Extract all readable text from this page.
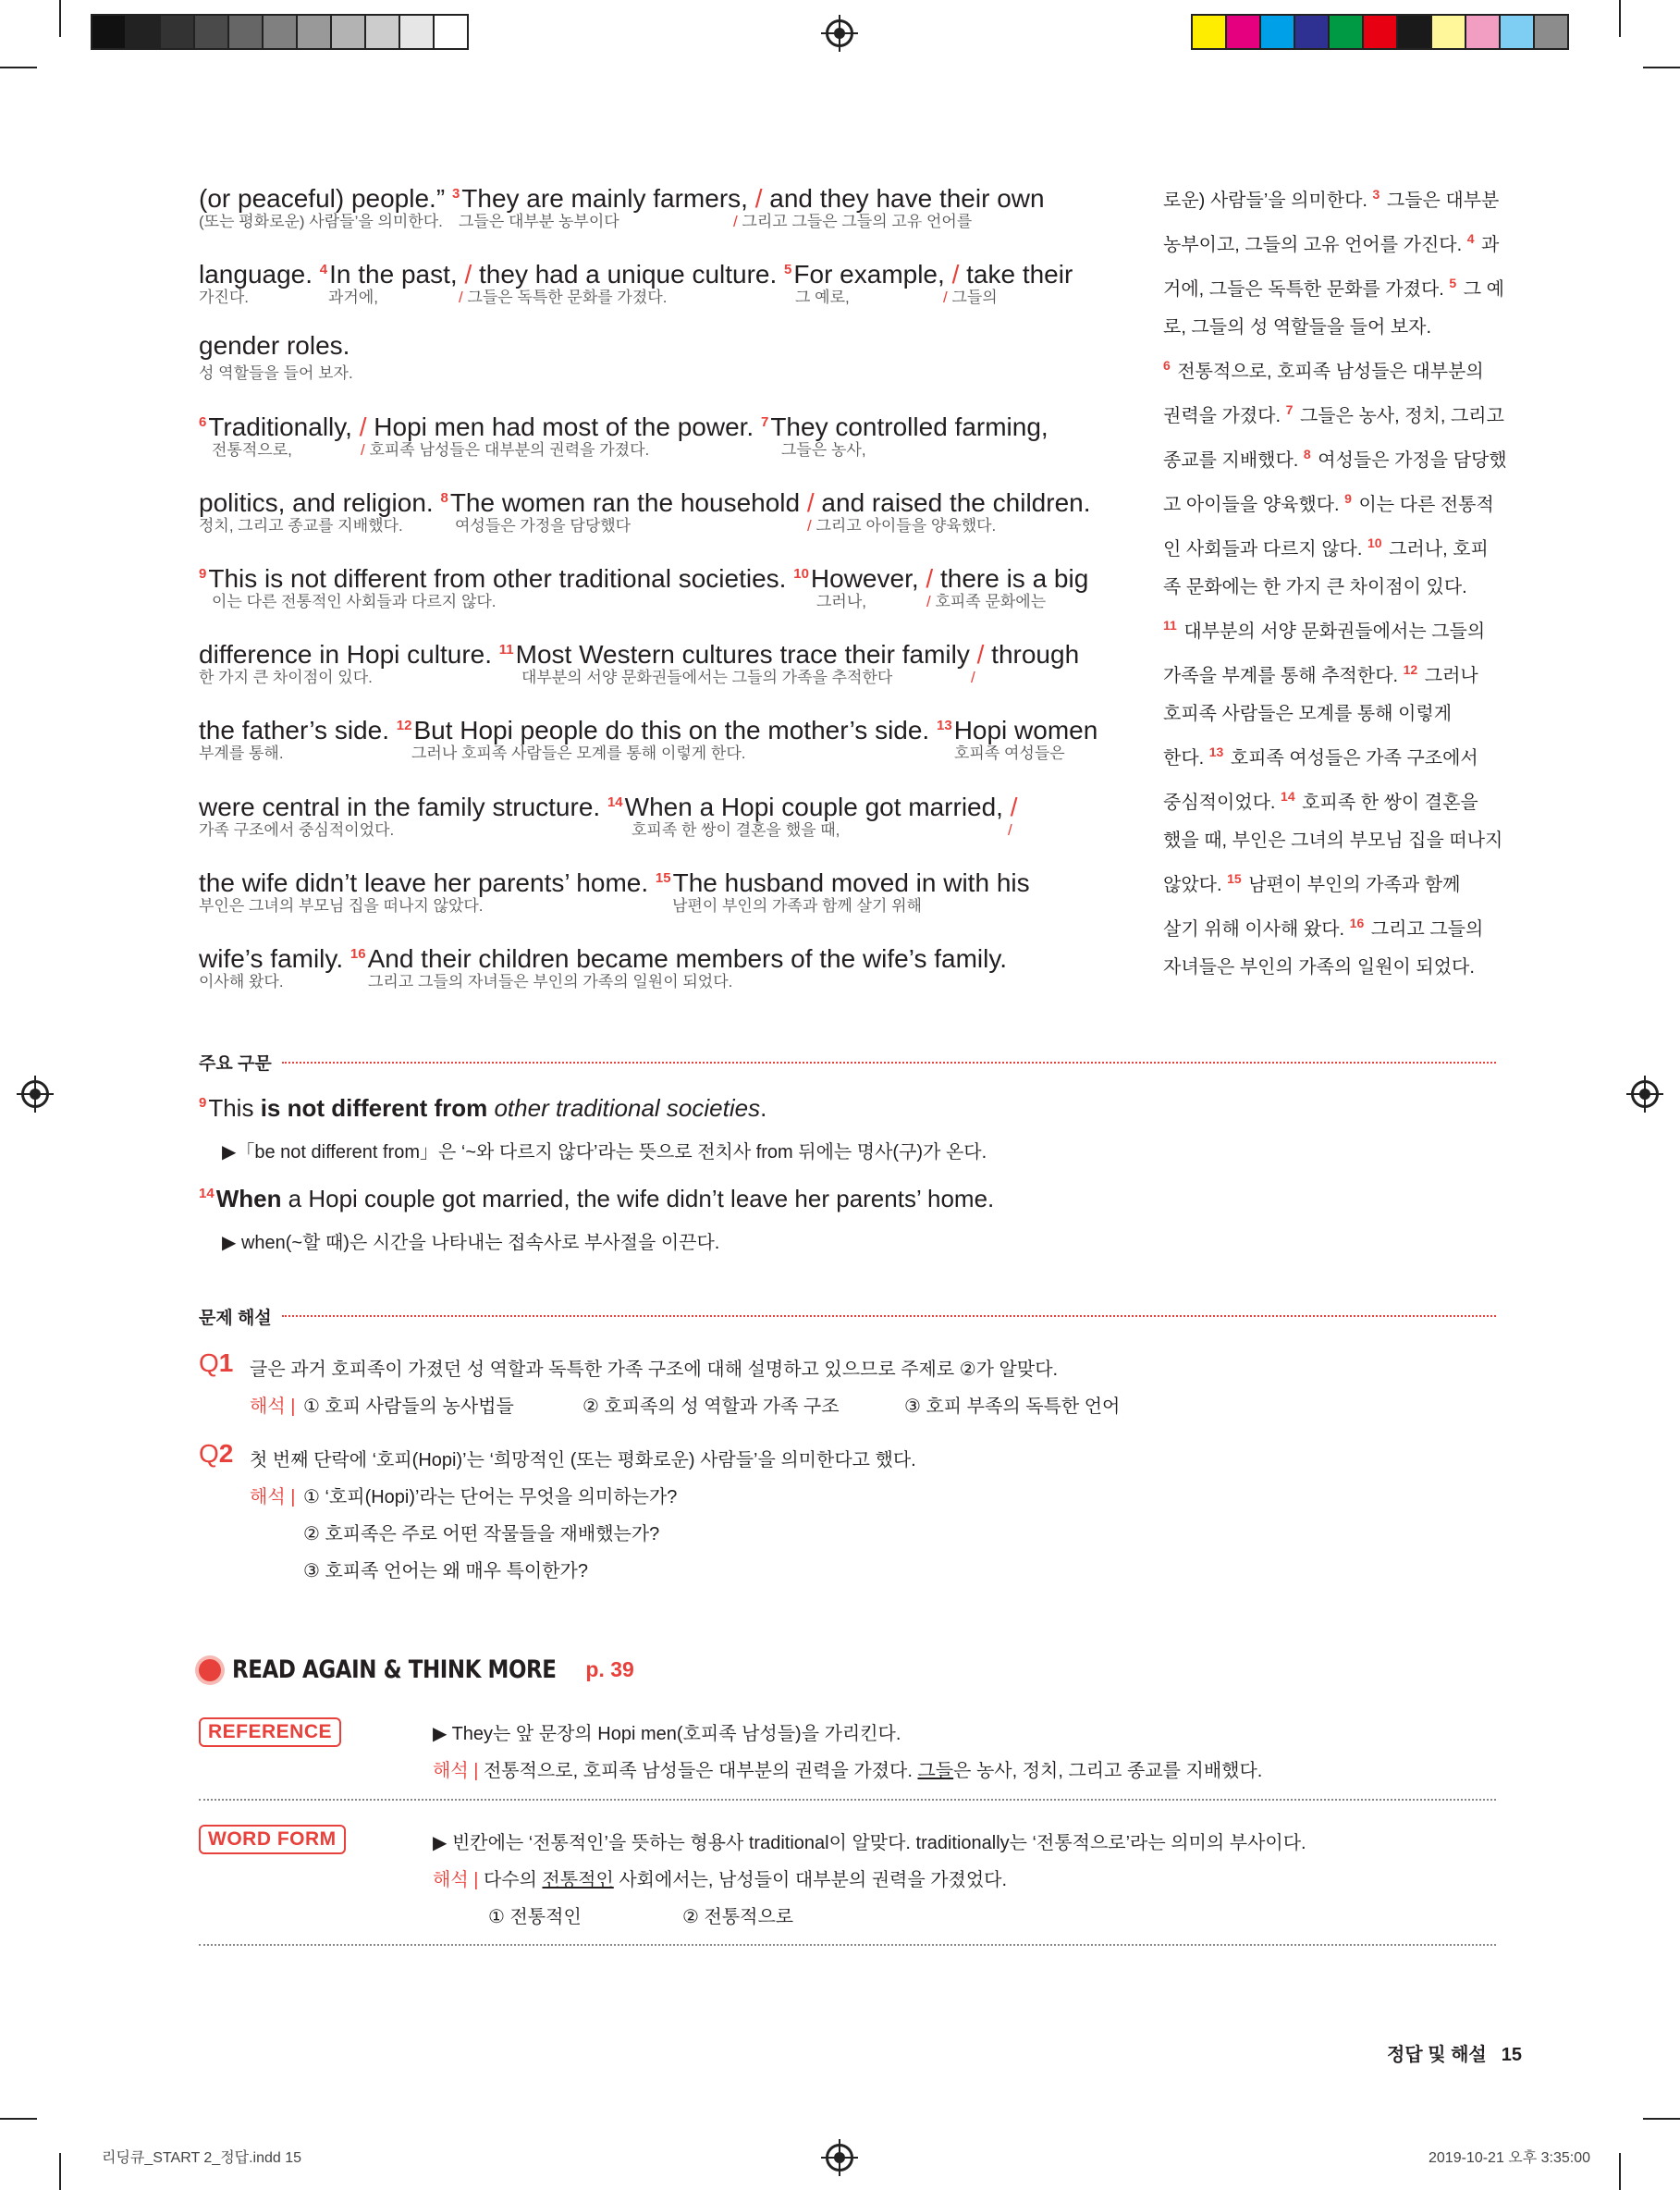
(or peaceful) people.” $^3$They are mainly farmers, / and they have their own
(또는 평화로운) 사람들’을 의미한다. 그들은 대부분 농부이다	/ 그리고 그들은 그들의 고유 언어를
language. $^4$In the past, / they had a unique culture. $^5$For example, / take their
가진다.	과거에,	/ 그들은 독특한 문화를 가졌다.	그 예로,	/ 그들의
gender roles.
성 역할들을 들어 보자.
$^6$Traditionally, / Hopi men had most of the power. $^7$They controlled farming,
전통적으로,	/ 호피족 남성들은 대부분의 권력을 가졌다.	그들은 농사,
politics, and religion. $^8$The women ran the household / and raised the children.
정치, 그리고 종교를 지배했다.	여성들은 가정을 담당했다	/ 그리고 아이들을 양육했다.
$^9$This is not different from other traditional societies. $^{10}$However, / there is a big
이는 다른 전통적인 사회들과 다르지 않다.	그러나,	/ 호피족 문화에는
difference in Hopi culture. $^{11}$Most Western cultures trace their family / through
한 가지 큰 차이점이 있다.	대부분의 서양 문화권들에서는 그들의 가족을 추적한다	/
the father’s side. $^{12}$But Hopi people do this on the mother’s side. $^{13}$Hopi women
부계를 통해.	그러나 호피족 사람들은 모계를 통해 이렇게 한다.	호피족 여성들은
were central in the family structure. $^{14}$When a Hopi couple got married, /
가족 구조에서 중심적이었다.	호피족 한 쌍이 결혼을 했을 때,	/
the wife didn’t leave her parents’ home. $^{15}$The husband moved in with his
부인은 그녀의 부모님 집을 떠나지 않았다.	남편이 부인의 가족과 함께 살기 위해
wife’s family. $^{16}$And their children became members of the wife’s family.
이사해 왔다.	그리고 그들의 자녀들은 부인의 가족의 일원이 되었다.
로운) 사람들’을 의미한다. $^3$ 그들은 대부분
농부이고, 그들의 고유 언어를 가진다. $^4$ 과
거에, 그들은 독특한 문화를 가졌다. $^5$ 그 예
로, 그들의 성 역할들을 들어 보자.
$^6$ 전통적으로, 호피족 남성들은 대부분의
권력을 가졌다. $^7$ 그들은 농사, 정치, 그리고
종교를 지배했다. $^8$ 여성들은 가정을 담당했
고 아이들을 양육했다. $^9$ 이는 다른 전통적
인 사회들과 다르지 않다. $^{10}$ 그러나, 호피
족 문화에는 한 가지 큰 차이점이 있다.
$^{11}$ 대부분의 서양 문화권들에서는 그들의
가족을 부계를 통해 추적한다. $^{12}$ 그러나
호피족 사람들은 모계를 통해 이렇게
한다. $^{13}$ 호피족 여성들은 가족 구조에서
중심적이었다. $^{14}$ 호피족 한 쌍이 결혼을
했을 때, 부인은 그녀의 부모님 집을 떠나지
않았다. $^{15}$ 남편이 부인의 가족과 함께
살기 위해 이사해 왔다. $^{16}$ 그리고 그들의
자녀들은 부인의 가족의 일원이 되었다.
주요 구문
$^9$This is not different from other traditional societies.
▶「be not different from」은 ‘~와 다르지 않다’라는 뜻으로 전치사 from 뒤에는 명사(구)가 온다.
$^{14}$When a Hopi couple got married, the wife didn’t leave her parents’ home.
▶ when(~할 때)은 시간을 나타내는 접속사로 부사절을 이끈다.
문제 해설
Q1 글은 과거 호피족이 가졌던 성 역할과 독특한 가족 구조에 대해 설명하고 있으므로 주제로 ②가 알맞다.
해석 | ① 호피 사람들의 농사법들	② 호피족의 성 역할과 가족 구조	③ 호피 부족의 독특한 언어
Q2 첫 번째 단락에 ‘호피(Hopi)’는 ‘희망적인 (또는 평화로운) 사람들’을 의미한다고 했다.
해석 | ① ‘호피(Hopi)’라는 단어는 무엇을 의미하는가?
② 호피족은 주로 어떤 작물들을 재배했는가?
③ 호피족 언어는 왜 매우 특이한가?
READ AGAIN & THINK MORE p. 39
REFERENCE	▶ They는 앞 문장의 Hopi men(호피족 남성들)을 가리킨다.
해석 | 전통적으로, 호피족 남성들은 대부분의 권력을 가졌다. 그들은 농사, 정치, 그리고 종교를 지배했다.
WORD FORM	▶ 빈칸에는 ‘전통적인’을 뜻하는 형용사 traditional이 알맞다. traditionally는 ‘전통적으로’라는 의미의 부사이다.
해석 | 다수의 전통적인 사회에서는, 남성들이 대부분의 권력을 가졌었다.
① 전통적인	② 전통적으로
정답 및 해설 15
리딩큐_START 2_정답.indd 15	2019-10-21 오후 3:35:00
